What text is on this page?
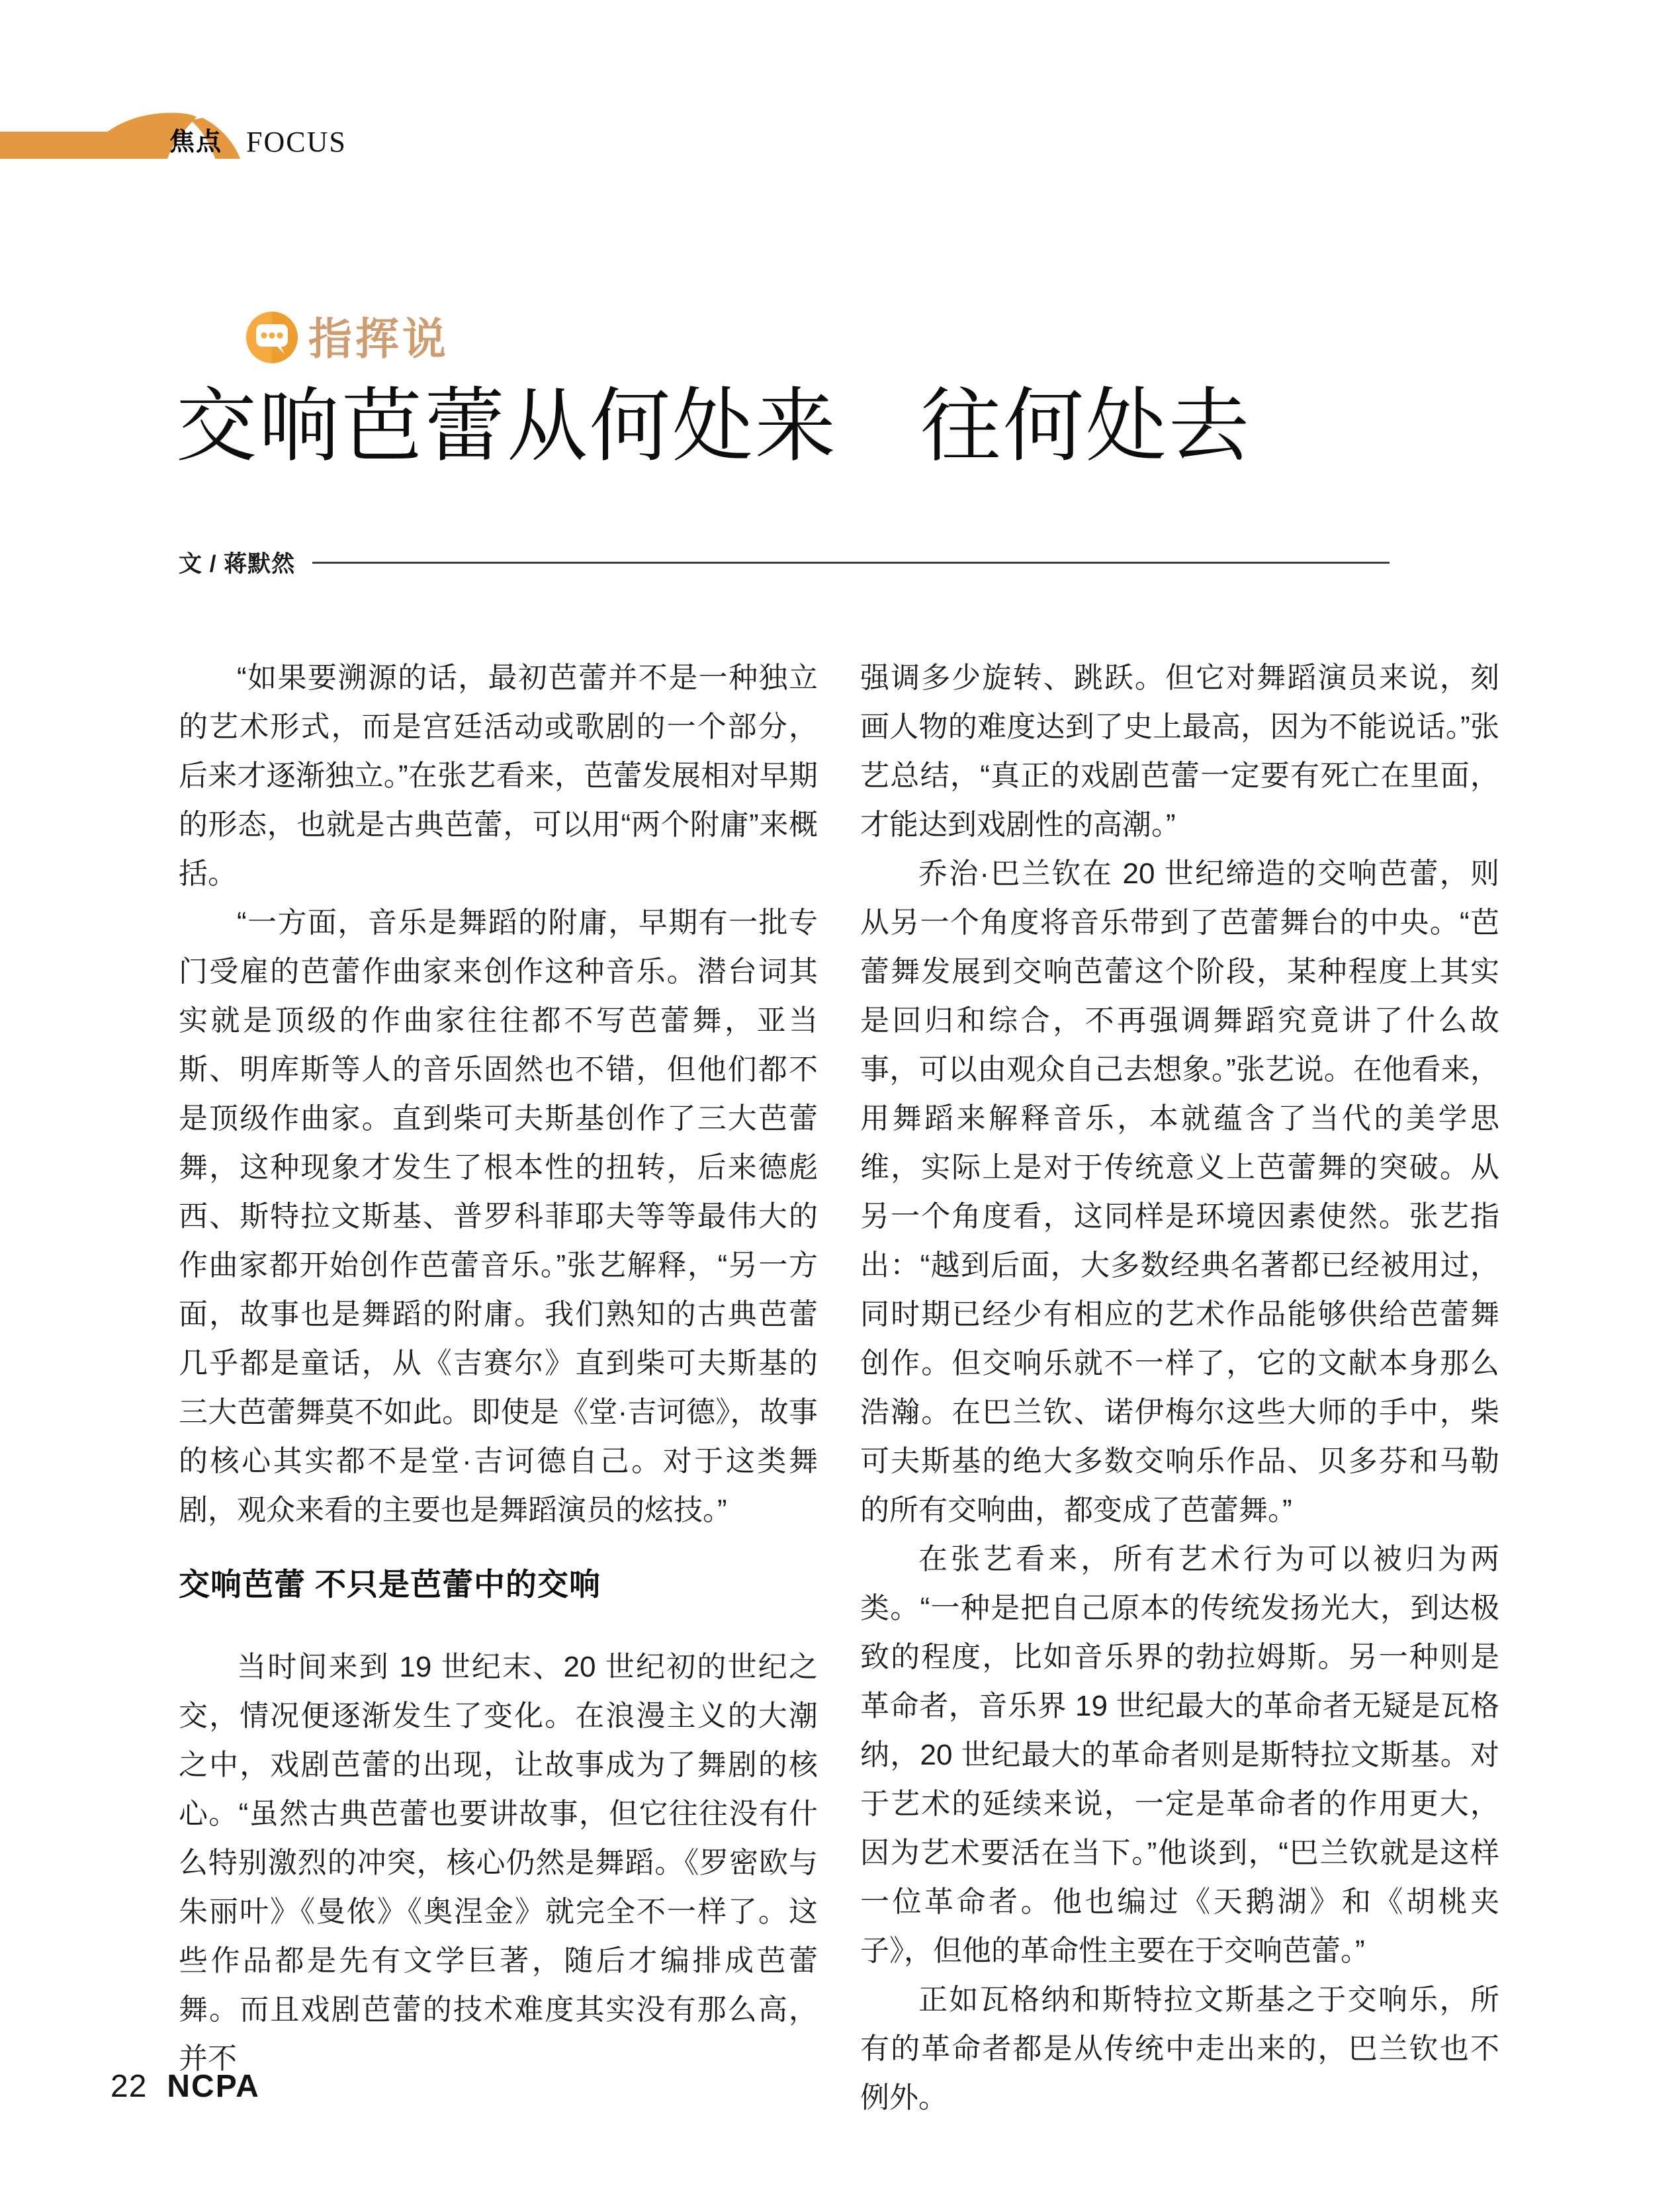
焦点 FOCUS
指挥说
交响芭蕾从何处来　往何处去
文 / 蒋默然

“如果要溯源的话，最初芭蕾并不是一种独立的艺术形式，而是宫廷活动或歌剧的一个部分，后来才逐渐独立。”在张艺看来，芭蕾发展相对早期的形态，也就是古典芭蕾，可以用“两个附庸”来概括。

“一方面，音乐是舞蹈的附庸，早期有一批专门受雇的芭蕾作曲家来创作这种音乐。潜台词其实就是顶级的作曲家往往都不写芭蕾舞，亚当斯、明库斯等人的音乐固然也不错，但他们都不是顶级作曲家。直到柴可夫斯基创作了三大芭蕾舞，这种现象才发生了根本性的扭转，后来德彪西、斯特拉文斯基、普罗科菲耶夫等等最伟大的作曲家都开始创作芭蕾音乐。”张艺解释，“另一方面，故事也是舞蹈的附庸。我们熟知的古典芭蕾几乎都是童话，从《吉赛尔》直到柴可夫斯基的三大芭蕾舞莫不如此。即使是《堂·吉诃德》，故事的核心其实都不是堂·吉诃德自己。对于这类舞剧，观众来看的主要也是舞蹈演员的炫技。”

交响芭蕾 不只是芭蕾中的交响

当时间来到 19 世纪末、20 世纪初的世纪之交，情况便逐渐发生了变化。在浪漫主义的大潮之中，戏剧芭蕾的出现，让故事成为了舞剧的核心。“虽然古典芭蕾也要讲故事，但它往往没有什么特别激烈的冲突，核心仍然是舞蹈。《罗密欧与朱丽叶》《曼侬》《奥涅金》就完全不一样了。这些作品都是先有文学巨著，随后才编排成芭蕾舞。而且戏剧芭蕾的技术难度其实没有那么高，并不

强调多少旋转、跳跃。但它对舞蹈演员来说，刻画人物的难度达到了史上最高，因为不能说话。”张艺总结，“真正的戏剧芭蕾一定要有死亡在里面，才能达到戏剧性的高潮。”

乔治·巴兰钦在 20 世纪缔造的交响芭蕾，则从另一个角度将音乐带到了芭蕾舞台的中央。“芭蕾舞发展到交响芭蕾这个阶段，某种程度上其实是回归和综合，不再强调舞蹈究竟讲了什么故事，可以由观众自己去想象。”张艺说。在他看来，用舞蹈来解释音乐，本就蕴含了当代的美学思维，实际上是对于传统意义上芭蕾舞的突破。从另一个角度看，这同样是环境因素使然。张艺指出：“越到后面，大多数经典名著都已经被用过，同时期已经少有相应的艺术作品能够供给芭蕾舞创作。但交响乐就不一样了，它的文献本身那么浩瀚。在巴兰钦、诺伊梅尔这些大师的手中，柴可夫斯基的绝大多数交响乐作品、贝多芬和马勒的所有交响曲，都变成了芭蕾舞。”

在张艺看来，所有艺术行为可以被归为两类。“一种是把自己原本的传统发扬光大，到达极致的程度，比如音乐界的勃拉姆斯。另一种则是革命者，音乐界 19 世纪最大的革命者无疑是瓦格纳，20 世纪最大的革命者则是斯特拉文斯基。对于艺术的延续来说，一定是革命者的作用更大，因为艺术要活在当下。”他谈到，“巴兰钦就是这样一位革命者。他也编过《天鹅湖》和《胡桃夹子》，但他的革命性主要在于交响芭蕾。”

正如瓦格纳和斯特拉文斯基之于交响乐，所有的革命者都是从传统中走出来的，巴兰钦也不例外。

22 NCPA
